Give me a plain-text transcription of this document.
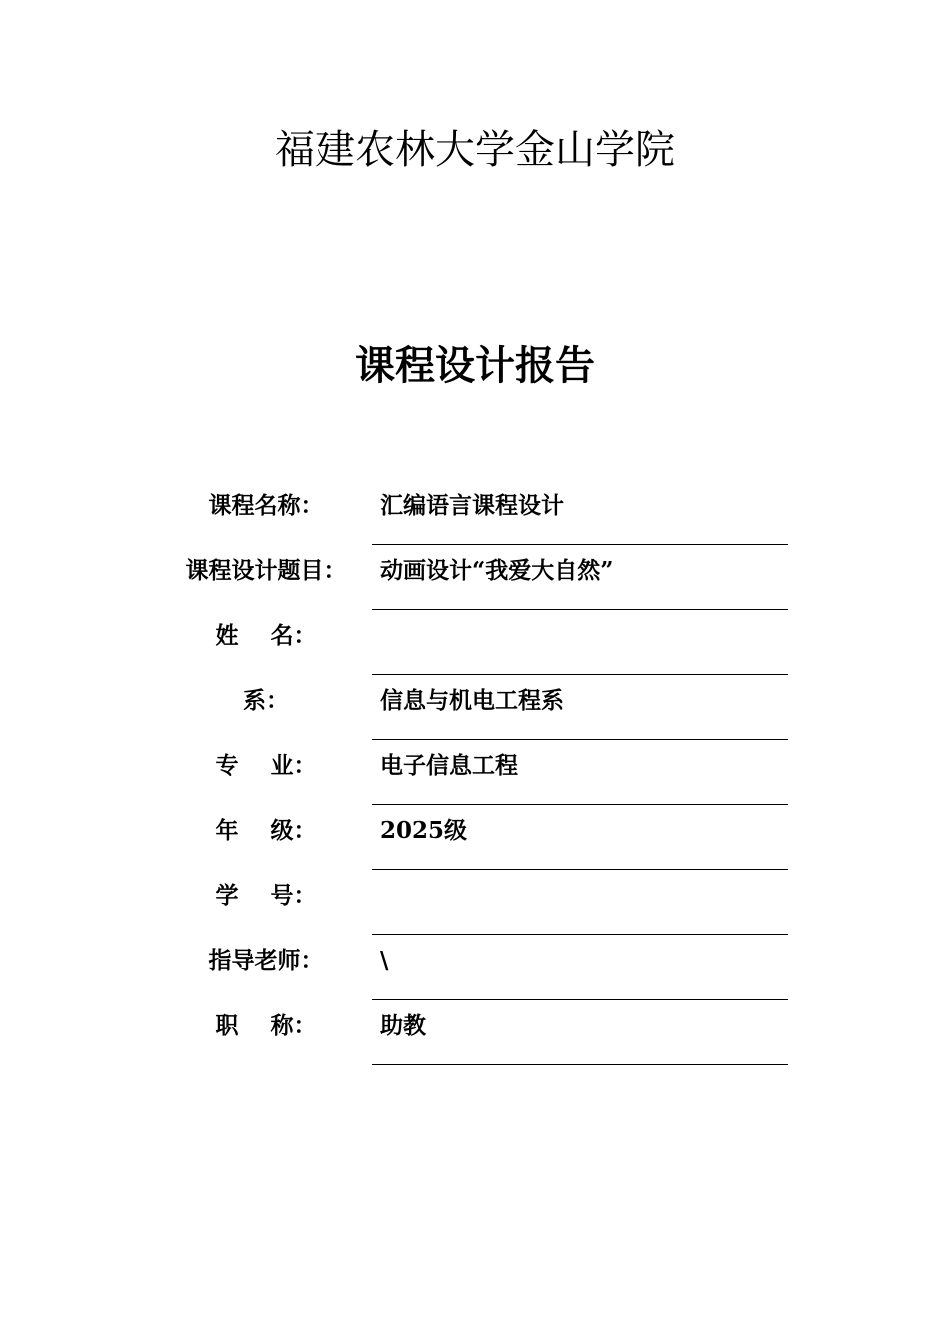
福建农林大学金山学院
课程设计报告
课程名称：	汇编语言课程设计
课程设计题目：	动画设计“我爱大自然”
姓    名：
系：	信息与机电工程系
专    业：	电子信息工程
年    级：	2025级
学    号：
指导老师：	\
职    称：	助教
